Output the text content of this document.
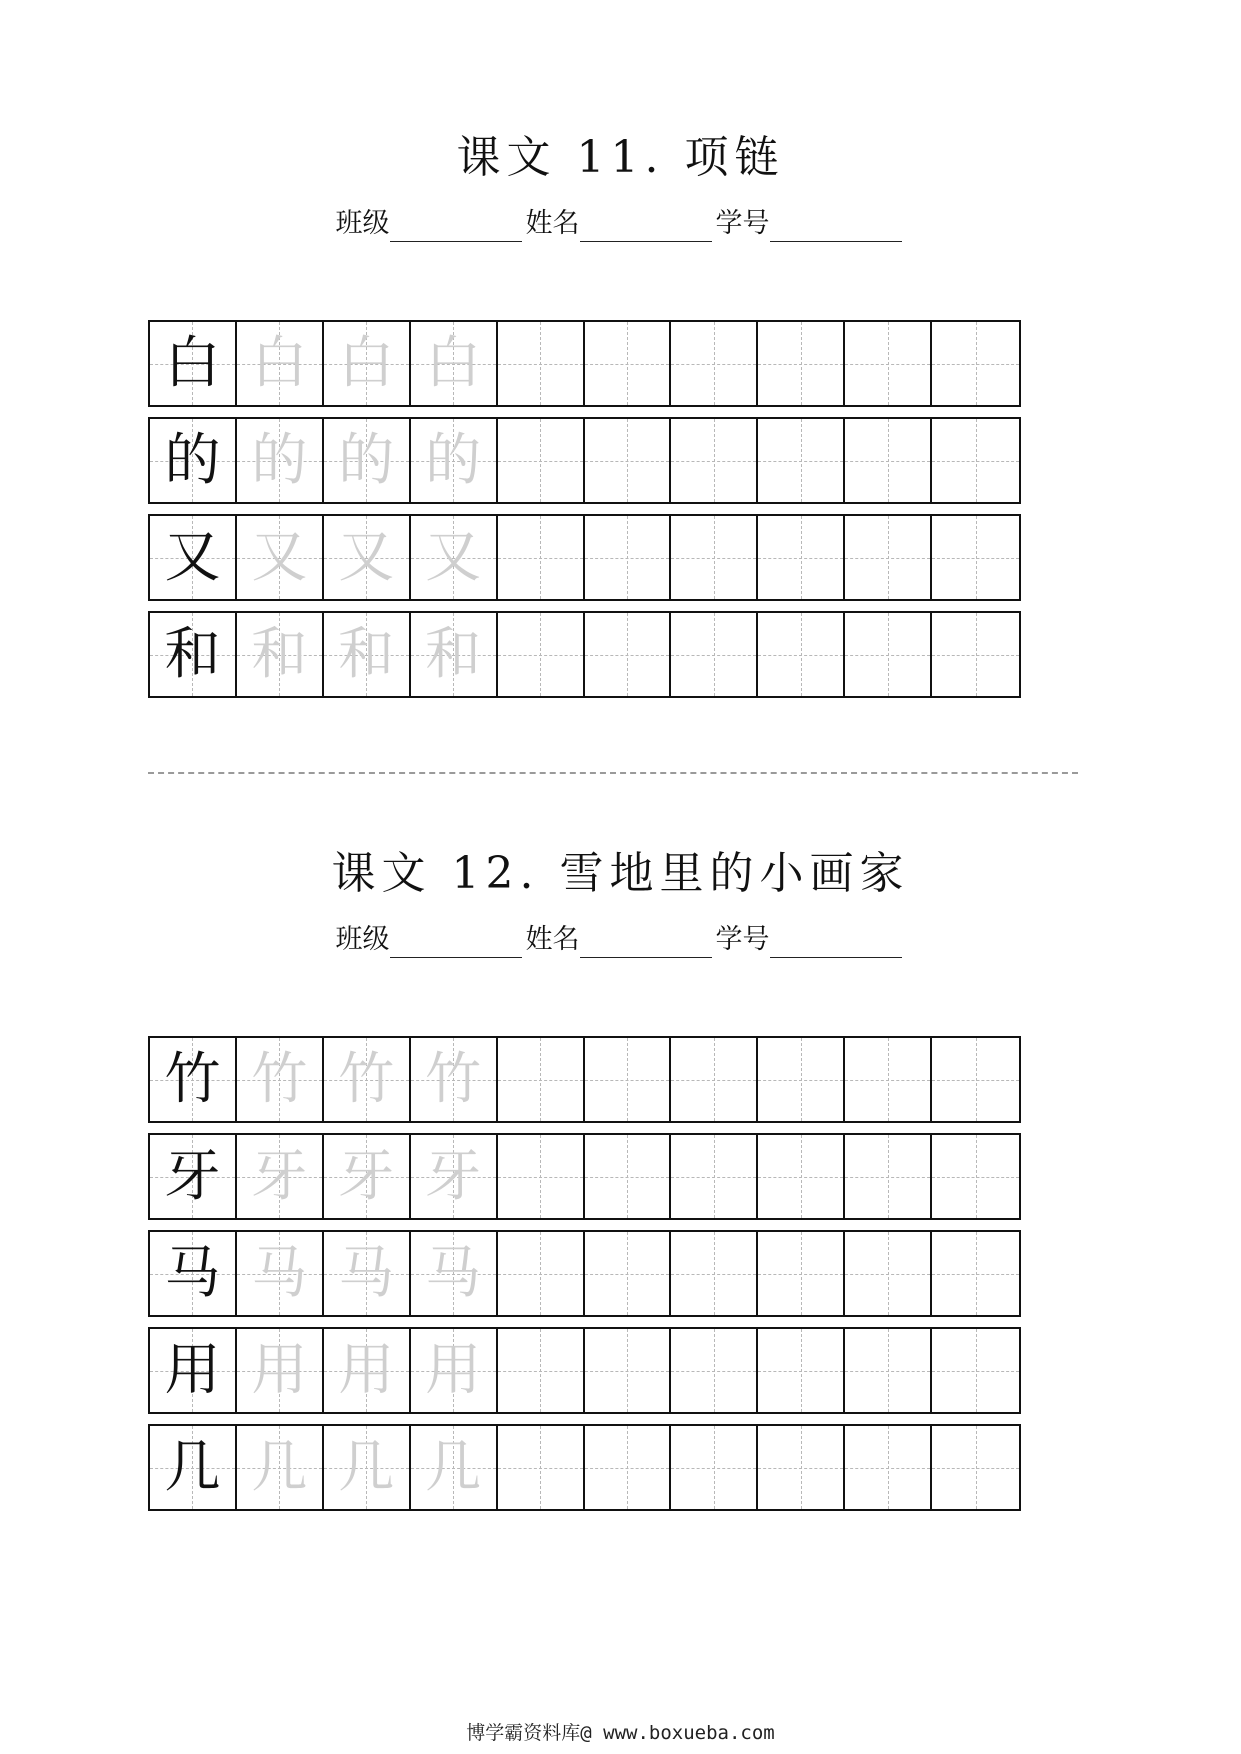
课文 11. 项链
班级	姓名	学号
白 白 白 白
的 的 的 的
又 又 又 又
和 和 和 和
课文 12. 雪地里的小画家
班级	姓名	学号
竹 竹 竹 竹
牙 牙 牙 牙
马 马 马 马
用 用 用 用
几 几 几 几
博学霸资料库@ www.boxueba.com
